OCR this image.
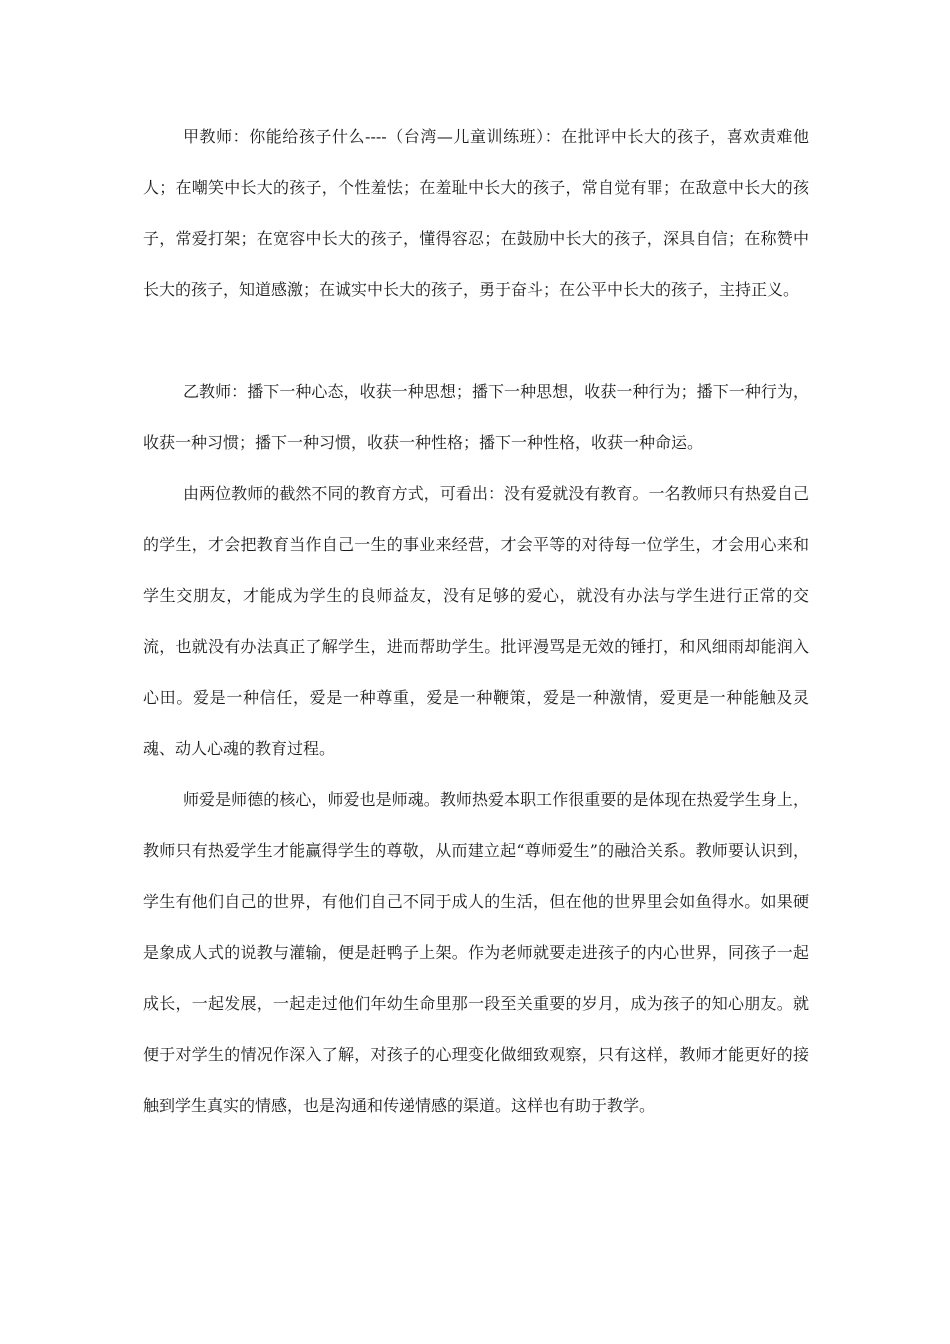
甲教师：你能给孩子什么----（台湾—儿童训练班）：在批评中长大的孩子，喜欢责难他人；在嘲笑中长大的孩子，个性羞怯；在羞耻中长大的孩子，常自觉有罪；在敌意中长大的孩子，常爱打架；在宽容中长大的孩子，懂得容忍；在鼓励中长大的孩子，深具自信；在称赞中长大的孩子，知道感激；在诚实中长大的孩子，勇于奋斗；在公平中长大的孩子，主持正义。

乙教师：播下一种心态，收获一种思想；播下一种思想，收获一种行为；播下一种行为，收获一种习惯；播下一种习惯，收获一种性格；播下一种性格，收获一种命运。

由两位教师的截然不同的教育方式，可看出：没有爱就没有教育。一名教师只有热爱自己的学生，才会把教育当作自己一生的事业来经营，才会平等的对待每一位学生，才会用心来和学生交朋友，才能成为学生的良师益友，没有足够的爱心，就没有办法与学生进行正常的交流，也就没有办法真正了解学生，进而帮助学生。批评漫骂是无效的锤打，和风细雨却能润入心田。爱是一种信任，爱是一种尊重，爱是一种鞭策，爱是一种激情，爱更是一种能触及灵魂、动人心魂的教育过程。

师爱是师德的核心，师爱也是师魂。教师热爱本职工作很重要的是体现在热爱学生身上，教师只有热爱学生才能赢得学生的尊敬，从而建立起“尊师爱生”的融洽关系。教师要认识到，学生有他们自己的世界，有他们自己不同于成人的生活，但在他的世界里会如鱼得水。如果硬是象成人式的说教与灌输，便是赶鸭子上架。作为老师就要走进孩子的内心世界，同孩子一起成长，一起发展，一起走过他们年幼生命里那一段至关重要的岁月，成为孩子的知心朋友。就便于对学生的情况作深入了解，对孩子的心理变化做细致观察，只有这样，教师才能更好的接触到学生真实的情感，也是沟通和传递情感的渠道。这样也有助于教学。
